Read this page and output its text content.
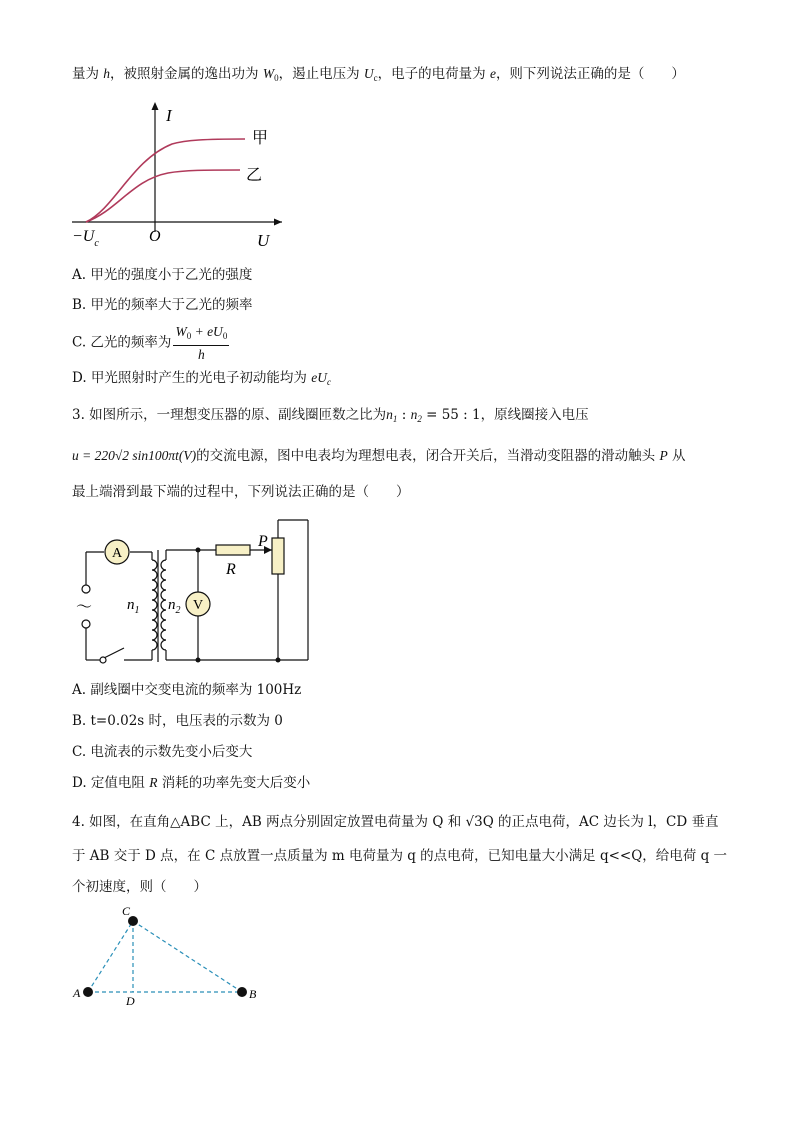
量为 h，被照射金属的逸出功为 $W_0$，遏止电压为 $U_c$，电子的电荷量为 e，则下列说法正确的是（　　）
I
U
O
$-U_c$
甲
乙
A. 甲光的强度小于乙光的强度
B. 甲光的频率大于乙光的频率
C. 乙光的频率为 $\frac{W_0 + eU_0}{h}$
D. 甲光照射时产生的光电子初动能均为 $eU_c$
3. 如图所示，一理想变压器的原、副线圈匝数之比为$n_1$ : $n_2 = 55$ : 1，原线圈接入电压
u = 220√2 sin100πt(V)的交流电源，图中电表均为理想电表，闭合开关后，当滑动变阻器的滑动触头 P 从
最上端滑到最下端的过程中，下列说法正确的是（　　）
～
A
V
R
P
$n_1$ $n_2$
A. 副线圈中交变电流的频率为 100Hz
B. t=0.02s 时，电压表的示数为 0
C. 电流表的示数先变小后变大
D. 定值电阻 R 消耗的功率先变大后变小
4. 如图，在直角△ABC 上，AB 两点分别固定放置电荷量为 Q 和 √3Q 的正点电荷，AC 边长为 l，CD 垂直
于 AB 交于 D 点，在 C 点放置一点质量为 m 电荷量为 q 的点电荷，已知电量大小满足 q<<Q，给电荷 q 一
个初速度，则（　　）
A	B
C
D
